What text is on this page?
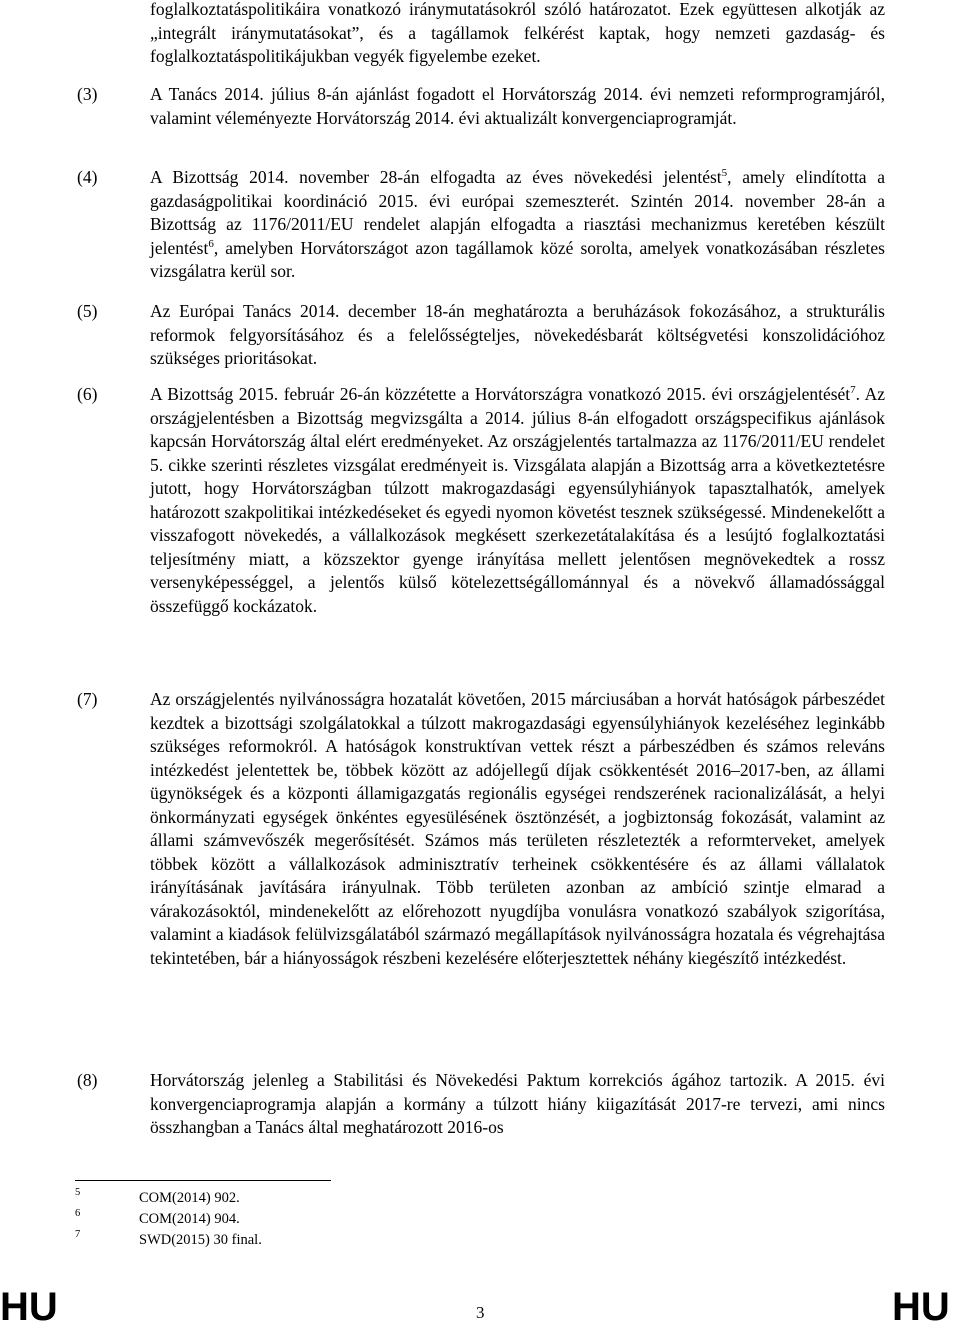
foglalkoztatáspolitikáira vonatkozó iránymutatásokról szóló határozatot. Ezek együttesen alkotják az „integrált iránymutatásokat”, és a tagállamok felkérést kaptak, hogy nemzeti gazdaság- és foglalkoztatáspolitikájukban vegyék figyelembe ezeket.
(3)	A Tanács 2014. július 8-án ajánlást fogadott el Horvátország 2014. évi nemzeti reformprogramjáról, valamint véleményezte Horvátország 2014. évi aktualizált konvergenciaprogramját.
(4)	A Bizottság 2014. november 28-án elfogadta az éves növekedési jelentést$^5$, amely elindította a gazdaságpolitikai koordináció 2015. évi európai szemeszterét. Szintén 2014. november 28-án a Bizottság az 1176/2011/EU rendelet alapján elfogadta a riasztási mechanizmus keretében készült jelentést$^6$, amelyben Horvátországot azon tagállamok közé sorolta, amelyek vonatkozásában részletes vizsgálatra kerül sor.
(5)	Az Európai Tanács 2014. december 18-án meghatározta a beruházások fokozásához, a strukturális reformok felgyorsításához és a felelősségteljes, növekedésbarát költségvetési konszolidációhoz szükséges prioritásokat.
(6)	A Bizottság 2015. február 26-án közzétette a Horvátországra vonatkozó 2015. évi országjelentését$^7$. Az országjelentésben a Bizottság megvizsgálta a 2014. július 8-án elfogadott országspecifikus ajánlások kapcsán Horvátország által elért eredményeket. Az országjelentés tartalmazza az 1176/2011/EU rendelet 5. cikke szerinti részletes vizsgálat eredményeit is. Vizsgálata alapján a Bizottság arra a következtetésre jutott, hogy Horvátországban túlzott makrogazdasági egyensúlyhiányok tapasztalhatók, amelyek határozott szakpolitikai intézkedéseket és egyedi nyomon követést tesznek szükségessé. Mindenekelőtt a visszafogott növekedés, a vállalkozások megkésett szerkezetátalakítása és a lesújtó foglalkoztatási teljesítmény miatt, a közszektor gyenge irányítása mellett jelentősen megnövekedtek a rossz versenyképességgel, a jelentős külső kötelezettségállománnyal és a növekvő államadóssággal összefüggő kockázatok.
(7)	Az országjelentés nyilvánosságra hozatalát követően, 2015 márciusában a horvát hatóságok párbeszédet kezdtek a bizottsági szolgálatokkal a túlzott makrogazdasági egyensúlyhiányok kezeléséhez leginkább szükséges reformokról. A hatóságok konstruktívan vettek részt a párbeszédben és számos releváns intézkedést jelentettek be, többek között az adójellegű díjak csökkentését 2016–2017-ben, az állami ügynökségek és a központi államigazgatás regionális egységei rendszerének racionalizálását, a helyi önkormányzati egységek önkéntes egyesülésének ösztönzését, a jogbiztonság fokozását, valamint az állami számvevőszék megerősítését. Számos más területen részletezték a reformterveket, amelyek többek között a vállalkozások adminisztratív terheinek csökkentésére és az állami vállalatok irányításának javítására irányulnak. Több területen azonban az ambíció szintje elmarad a várakozásoktól, mindenekelőtt az előrehozott nyugdíjba vonulásra vonatkozó szabályok szigorítása, valamint a kiadások felülvizsgálatából származó megállapítások nyilvánosságra hozatala és végrehajtása tekintetében, bár a hiányosságok részbeni kezelésére előterjesztettek néhány kiegészítő intézkedést.
(8)	Horvátország jelenleg a Stabilitási és Növekedési Paktum korrekciós ágához tartozik. A 2015. évi konvergenciaprogramja alapján a kormány a túlzott hiány kiigazítását 2017-re tervezi, ami nincs összhangban a Tanács által meghatározott 2016-os
5	COM(2014) 902.
6	COM(2014) 904.
7	SWD(2015) 30 final.
HU	3	HU
